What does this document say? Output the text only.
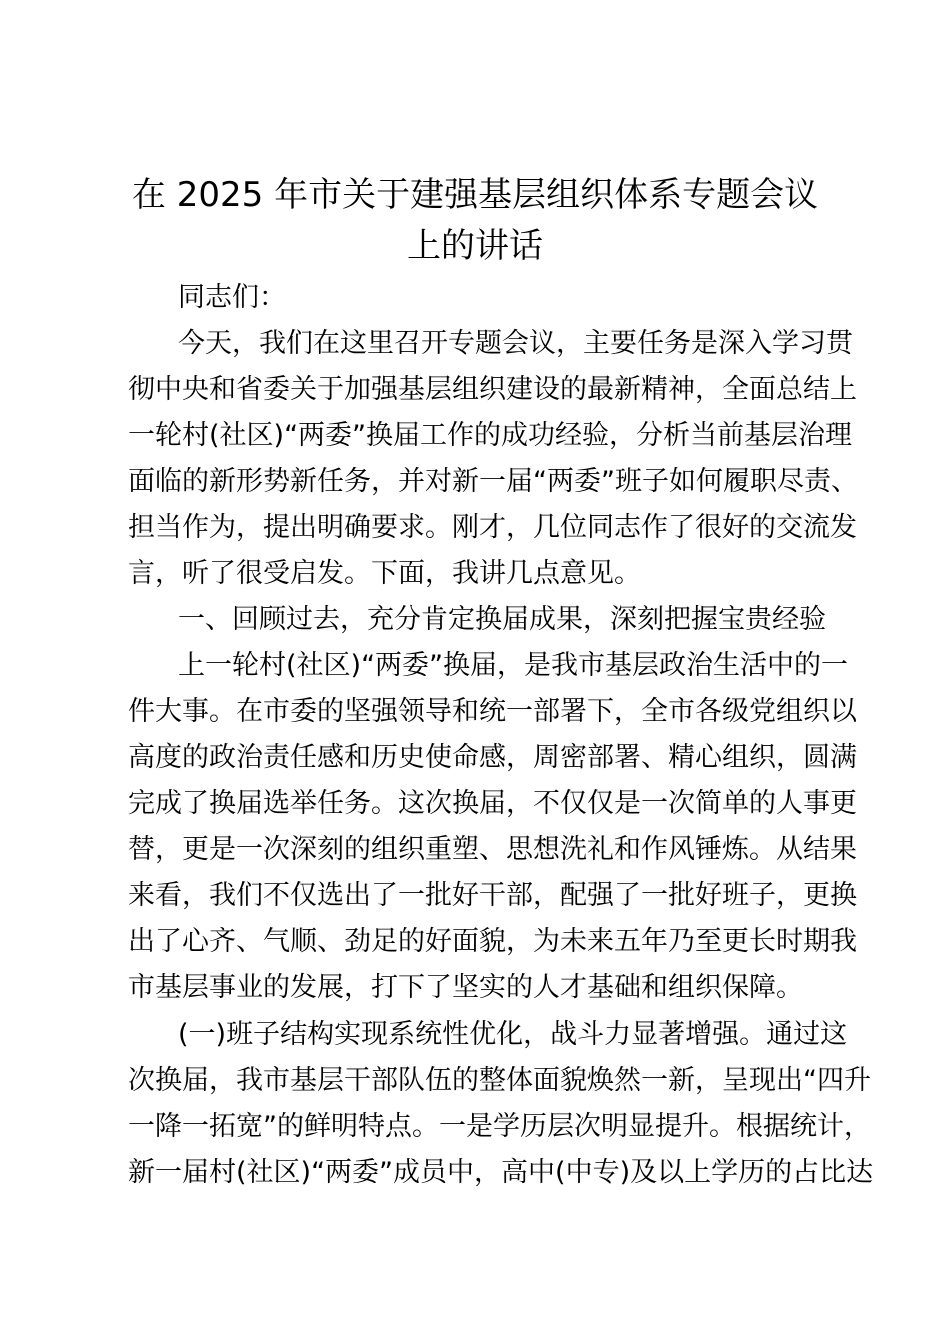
在 2025 年市关于建强基层组织体系专题会议
上的讲话
同志们：
今天，我们在这里召开专题会议，主要任务是深入学习贯
彻中央和省委关于加强基层组织建设的最新精神，全面总结上
一轮村(社区)“两委”换届工作的成功经验，分析当前基层治理
面临的新形势新任务，并对新一届“两委”班子如何履职尽责、
担当作为，提出明确要求。刚才，几位同志作了很好的交流发
言，听了很受启发。下面，我讲几点意见。
一、回顾过去，充分肯定换届成果，深刻把握宝贵经验
上一轮村(社区)“两委”换届，是我市基层政治生活中的一
件大事。在市委的坚强领导和统一部署下，全市各级党组织以
高度的政治责任感和历史使命感，周密部署、精心组织，圆满
完成了换届选举任务。这次换届，不仅仅是一次简单的人事更
替，更是一次深刻的组织重塑、思想洗礼和作风锤炼。从结果
来看，我们不仅选出了一批好干部，配强了一批好班子，更换
出了心齐、气顺、劲足的好面貌，为未来五年乃至更长时期我
市基层事业的发展，打下了坚实的人才基础和组织保障。
(一)班子结构实现系统性优化，战斗力显著增强。通过这
次换届，我市基层干部队伍的整体面貌焕然一新，呈现出“四升
一降一拓宽”的鲜明特点。一是学历层次明显提升。根据统计，
新一届村(社区)“两委”成员中，高中(中专)及以上学历的占比达
